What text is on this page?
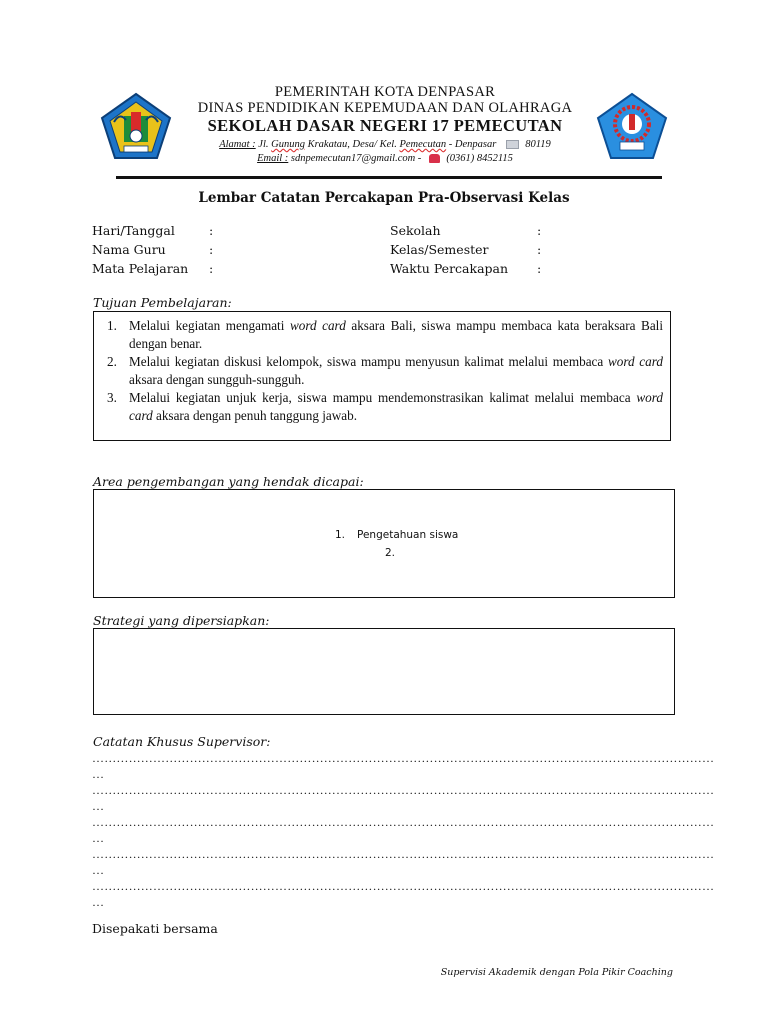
PEMERINTAH KOTA DENPASAR
DINAS PENDIDIKAN KEPEMUDAAN DAN OLAHRAGA
SEKOLAH DASAR NEGERI 17 PEMECUTAN
Alamat : Jl. Gunung Krakatau, Desa/ Kel. Pemecutan - Denpasar	80119
Email : sdnpemecutan17@gmail.com - (0361) 8452115
Lembar Catatan Percakapan Pra-Observasi Kelas
Hari/Tanggal	:
Nama Guru	:
Mata Pelajaran :
Sekolah	:
Kelas/Semester	:
Waktu Percakapan :
Tujuan Pembelajaran:
1. Melalui kegiatan mengamati word card aksara Bali, siswa mampu membaca kata beraksara Bali dengan benar.
2. Melalui kegiatan diskusi kelompok, siswa mampu menyusun kalimat melalui membaca word card aksara dengan sungguh-sungguh.
3. Melalui kegiatan unjuk kerja, siswa mampu mendemonstrasikan kalimat melalui membaca word card aksara dengan penuh tanggung jawab.
Area pengembangan yang hendak dicapai:
1. Pengetahuan siswa
2.
Strategi yang dipersiapkan:
Catatan Khusus Supervisor:
………………………………………………………………………………………………………………………………………
…
………………………………………………………………………………………………………………………………………
…
………………………………………………………………………………………………………………………………………
…
………………………………………………………………………………………………………………………………………
…
………………………………………………………………………………………………………………………………………
…
Disepakati bersama
Supervisi Akademik dengan Pola Pikir Coaching
